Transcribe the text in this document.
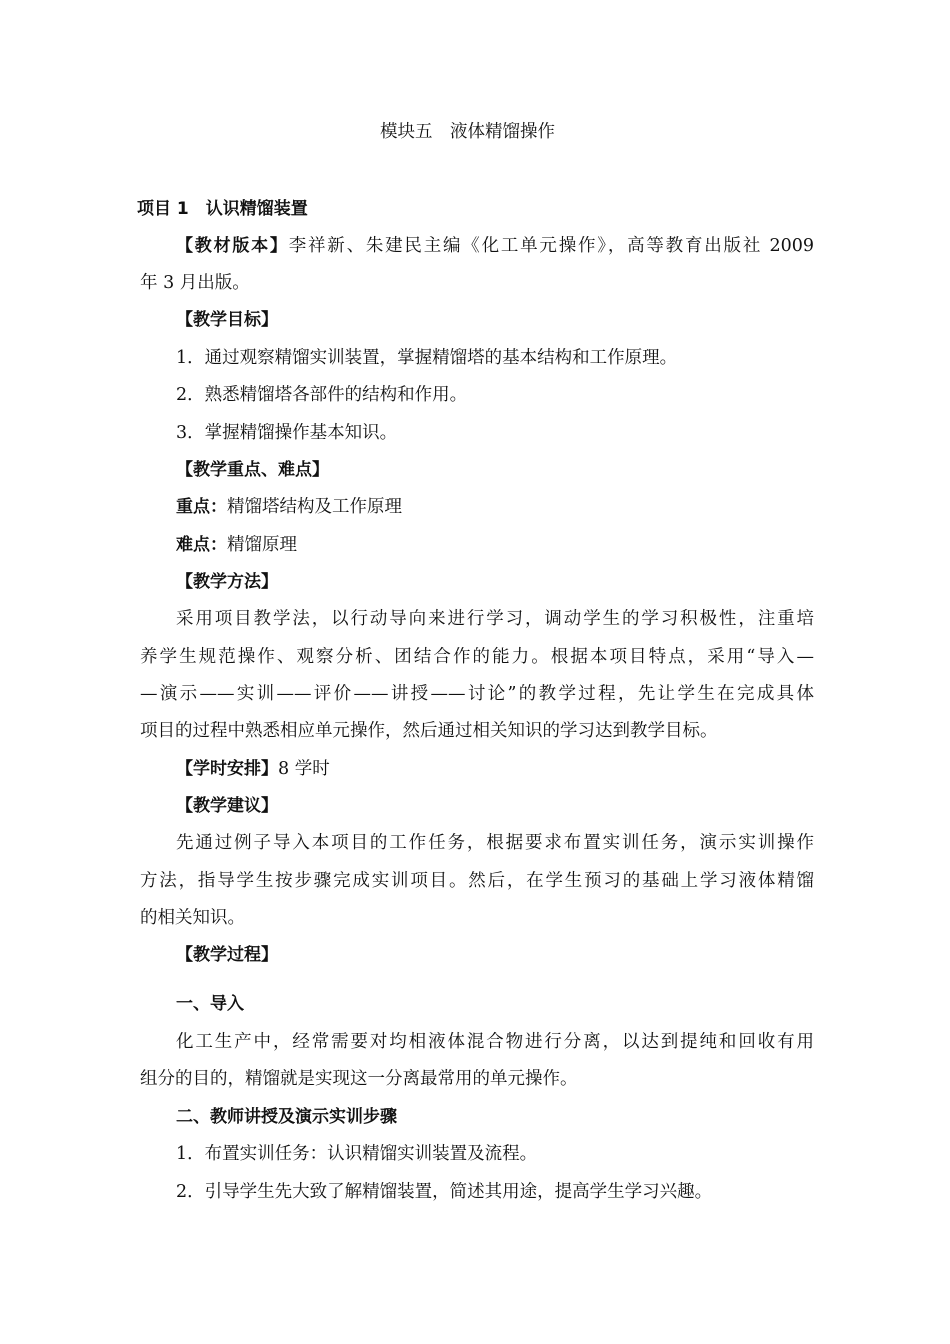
模块五　液体精馏操作
项目 1　认识精馏装置
【教材版本】李祥新、朱建民主编《化工单元操作》，高等教育出版社 2009
年 3 月出版。
【教学目标】
1．通过观察精馏实训装置，掌握精馏塔的基本结构和工作原理。
2．熟悉精馏塔各部件的结构和作用。
3．掌握精馏操作基本知识。
【教学重点、难点】
重点：精馏塔结构及工作原理
难点：精馏原理
【教学方法】
采用项目教学法，以行动导向来进行学习，调动学生的学习积极性，注重培
养学生规范操作、观察分析、团结合作的能力。根据本项目特点，采用“导入—
—演示——实训——评价——讲授——讨论”的教学过程，先让学生在完成具体
项目的过程中熟悉相应单元操作，然后通过相关知识的学习达到教学目标。
【学时安排】8 学时
【教学建议】
先通过例子导入本项目的工作任务，根据要求布置实训任务，演示实训操作
方法，指导学生按步骤完成实训项目。然后，在学生预习的基础上学习液体精馏
的相关知识。
【教学过程】
一、导入
化工生产中，经常需要对均相液体混合物进行分离，以达到提纯和回收有用
组分的目的，精馏就是实现这一分离最常用的单元操作。
二、教师讲授及演示实训步骤
1．布置实训任务：认识精馏实训装置及流程。
2．引导学生先大致了解精馏装置，简述其用途，提高学生学习兴趣。
